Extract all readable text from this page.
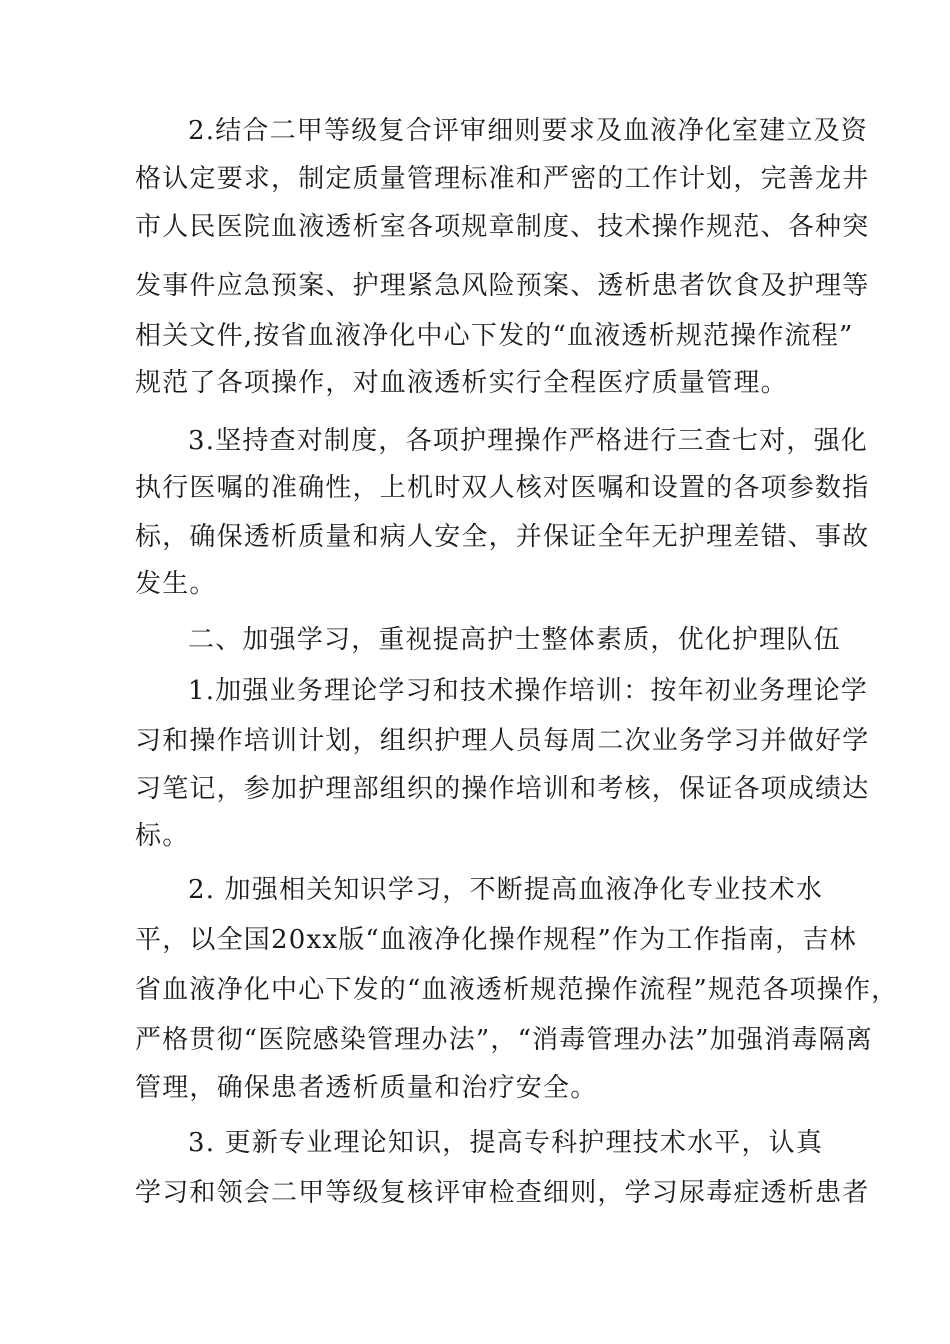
2.结合二甲等级复合评审细则要求及血液净化室建立及资
格认定要求，制定质量管理标准和严密的工作计划，完善龙井
市人民医院血液透析室各项规章制度、技术操作规范、各种突
发事件应急预案、护理紧急风险预案、透析患者饮食及护理等
相关文件,按省血液净化中心下发的“血液透析规范操作流程”
规范了各项操作，对血液透析实行全程医疗质量管理。
3.坚持查对制度，各项护理操作严格进行三查七对，强化
执行医嘱的准确性，上机时双人核对医嘱和设置的各项参数指
标，确保透析质量和病人安全，并保证全年无护理差错、事故
发生。
二、加强学习，重视提高护士整体素质，优化护理队伍
1.加强业务理论学习和技术操作培训：按年初业务理论学
习和操作培训计划，组织护理人员每周二次业务学习并做好学
习笔记，参加护理部组织的操作培训和考核，保证各项成绩达
标。
2. 加强相关知识学习，不断提高血液净化专业技术水
平，以全国20xx版“血液净化操作规程”作为工作指南，吉林
省血液净化中心下发的“血液透析规范操作流程”规范各项操作，
严格贯彻“医院感染管理办法”，“消毒管理办法”加强消毒隔离
管理，确保患者透析质量和治疗安全。
3. 更新专业理论知识，提高专科护理技术水平，认真
学习和领会二甲等级复核评审检查细则，学习尿毒症透析患者
